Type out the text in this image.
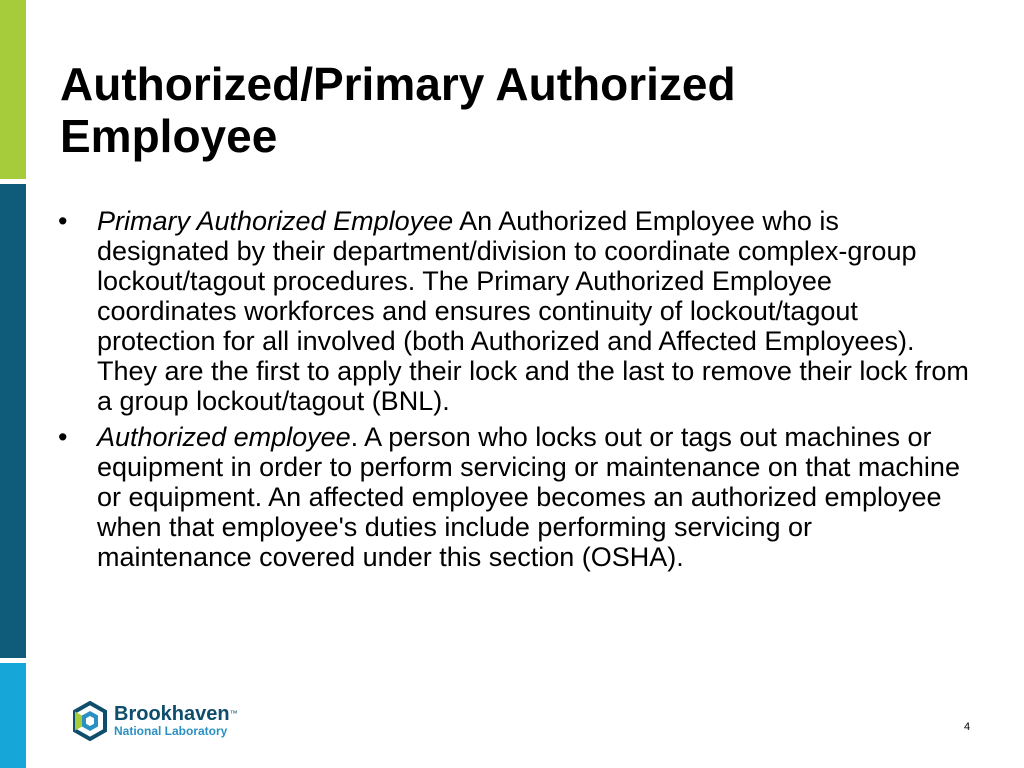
Authorized/Primary Authorized Employee
• Primary Authorized Employee An Authorized Employee who is designated by their department/division to coordinate complex-group lockout/tagout procedures. The Primary Authorized Employee coordinates workforces and ensures continuity of lockout/tagout protection for all involved (both Authorized and Affected Employees). They are the first to apply their lock and the last to remove their lock from a group lockout/tagout (BNL).
• Authorized employee. A person who locks out or tags out machines or equipment in order to perform servicing or maintenance on that machine or equipment. An affected employee becomes an authorized employee when that employee's duties include performing servicing or maintenance covered under this section (OSHA).
Brookhaven™
National Laboratory	4
